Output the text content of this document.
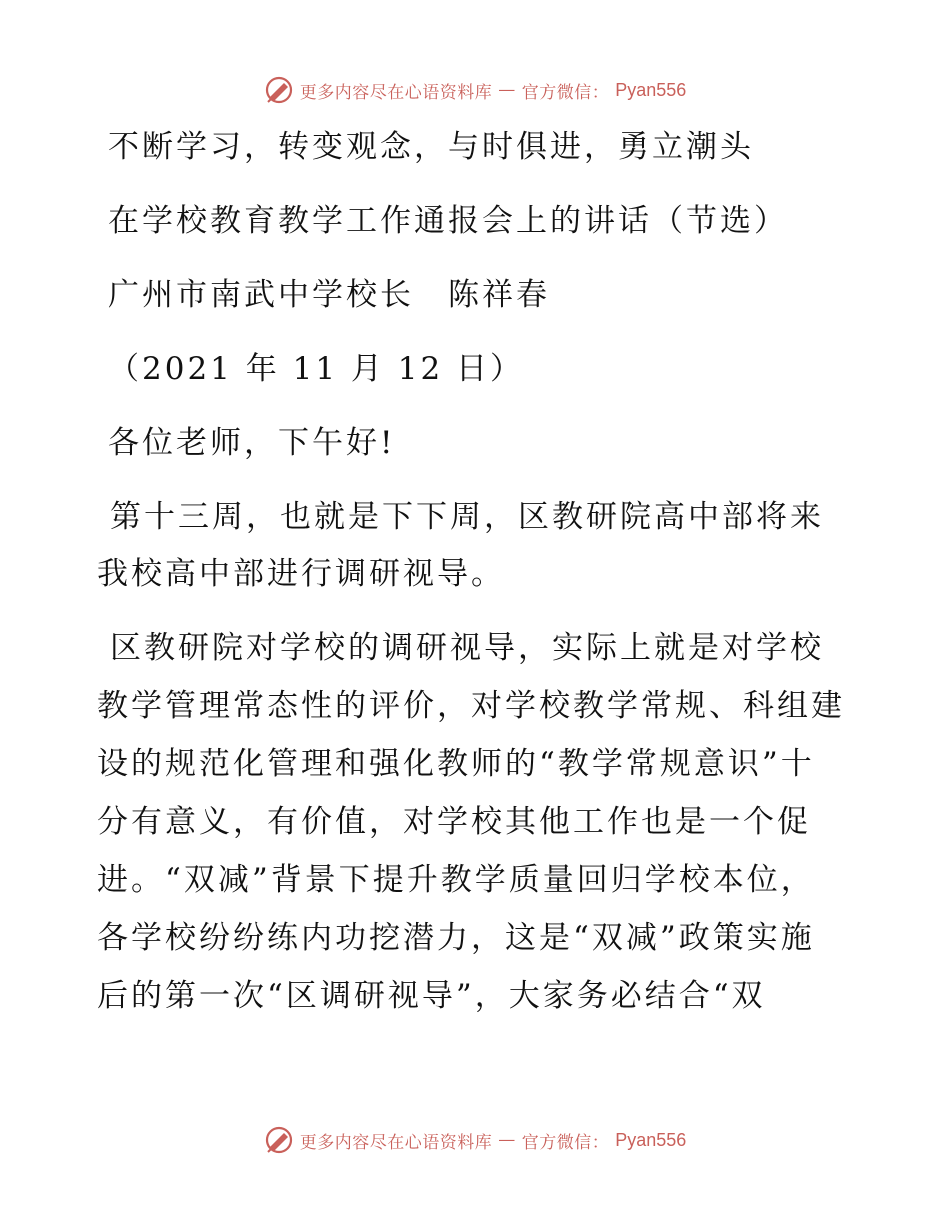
更多内容尽在心语资料库 — 官方微信： Pyan556
不断学习，转变观念，与时俱进，勇立潮头
在学校教育教学工作通报会上的讲话（节选）
广州市南武中学校长　陈祥春
（2021 年 11 月 12 日）
各位老师，下午好!
第十三周，也就是下下周，区教研院高中部将来
我校高中部进行调研视导。
区教研院对学校的调研视导，实际上就是对学校
教学管理常态性的评价，对学校教学常规、科组建
设的规范化管理和强化教师的“教学常规意识”十
分有意义，有价值，对学校其他工作也是一个促
进。“双减”背景下提升教学质量回归学校本位，
各学校纷纷练内功挖潜力，这是“双减”政策实施
后的第一次“区调研视导”，大家务必结合“双
更多内容尽在心语资料库 — 官方微信： Pyan556
